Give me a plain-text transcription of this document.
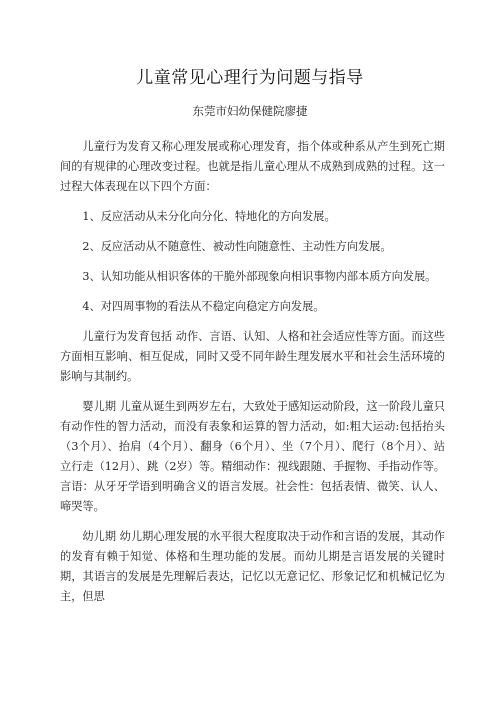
儿童常见心理行为问题与指导
东莞市妇幼保健院廖捷

儿童行为发育又称心理发展或称心理发育，指个体或种系从产生到死亡期间的有规律的心理改变过程。也就是指儿童心理从不成熟到成熟的过程。这一过程大体表现在以下四个方面：

1、反应活动从未分化向分化、特地化的方向发展。

2、反应活动从不随意性、被动性向随意性、主动性方向发展。

3、认知功能从相识客体的干脆外部现象向相识事物内部本质方向发展。

4、对四周事物的看法从不稳定向稳定方向发展。

儿童行为发育包括 动作、言语、认知、人格和社会适应性等方面。而这些方面相互影响、相互促成，同时又受不同年龄生理发展水平和社会生活环境的影响与其制约。

婴儿期 儿童从诞生到两岁左右，大致处于感知运动阶段，这一阶段儿童只有动作性的智力活动，而没有表象和运算的智力活动，如:粗大运动:包括抬头（3个月）、抬肩（4个月）、翻身（6个月）、坐（7个月）、爬行（8个月）、站立行走（12月）、跳（2岁）等。精细动作：视线跟随、手握物、手指动作等。言语：从牙牙学语到明确含义的语言发展。社会性：包括表情、微笑、认人、啼哭等。

幼儿期 幼儿期心理发展的水平很大程度取决于动作和言语的发展，其动作的发育有赖于知觉、体格和生理功能的发展。而幼儿期是言语发展的关键时期，其语言的发展是先理解后表达，记忆以无意记忆、形象记忆和机械记忆为主，但思
